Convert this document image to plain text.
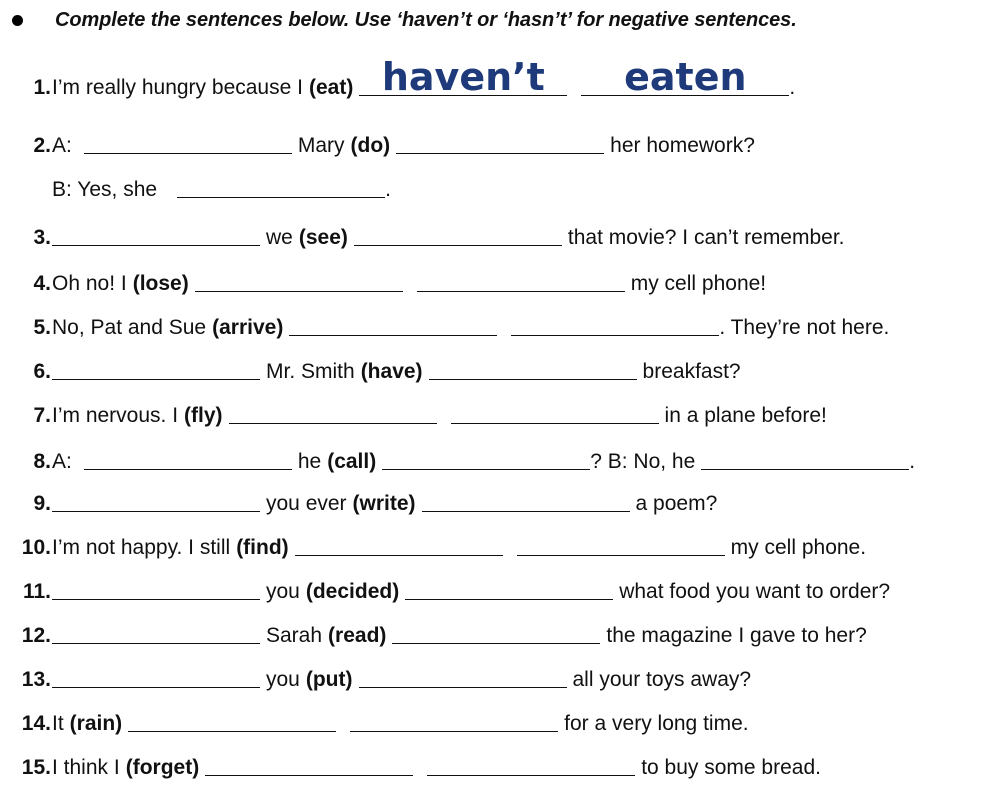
Complete the sentences below. Use ‘haven’t or ‘hasn’t’ for negative sentences.
1. I’m really hungry because I (eat) haven’t	eaten	.
2. A:	Mary (do)	her homework?
B: Yes, she	.
3.	we (see)	that movie? I can’t remember.
4. Oh no! I (lose)	my cell phone!
5. No, Pat and Sue (arrive)	. They’re not here.
6.	Mr. Smith (have)	breakfast?
7. I’m nervous. I (fly)	in a plane before!
8. A:	he (call)	? B: No, he	.
9.	you ever (write)	a poem?
10. I’m not happy. I still (find)	my cell phone.
11.	you (decided)	what food you want to order?
12.	Sarah (read)	the magazine I gave to her?
13.	you (put)	all your toys away?
14. It (rain)	for a very long time.
15. I think I (forget)	to buy some bread.
